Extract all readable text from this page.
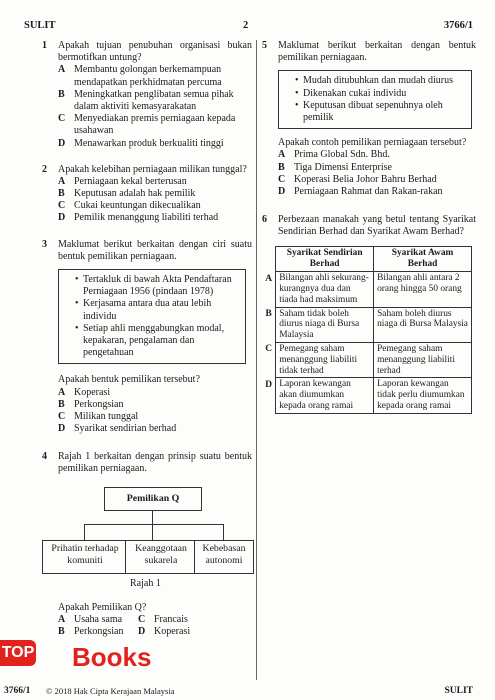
SULIT	2	3766/1
1 Apakah tujuan penubuhan organisasi bukan bermotifkan untung?
A Membantu golongan berkemampuan mendapatkan perkhidmatan percuma
B Meningkatkan penglibatan semua pihak dalam aktiviti kemasyarakatan
C Menyediakan premis perniagaan kepada usahawan
D Menawarkan produk berkualiti tinggi
2 Apakah kelebihan perniagaan milikan tunggal?
A Perniagaan kekal berterusan
B Keputusan adalah hak pemilik
C Cukai keuntungan dikecualikan
D Pemilik menanggung liabiliti terhad
3 Maklumat berikut berkaitan dengan ciri suatu bentuk pemilikan perniagaan.
• Tertakluk di bawah Akta Pendaftaran Perniagaan 1956 (pindaan 1978)
• Kerjasama antara dua atau lebih individu
• Setiap ahli menggabungkan modal, kepakaran, pengalaman dan pengetahuan
Apakah bentuk pemilikan tersebut?
A Koperasi
B Perkongsian
C Milikan tunggal
D Syarikat sendirian berhad
4 Rajah 1 berkaitan dengan prinsip suatu bentuk pemilikan perniagaan.
Pemilikan Q
Prihatin terhadap komuniti
Keanggotaan sukarela
Kebebasan autonomi
Rajah 1
Apakah Pemilikan Q?
A Usaha sama	C Francais
B Perkongsian	D Koperasi
5 Maklumat berikut berkaitan dengan bentuk pemilikan perniagaan.
• Mudah ditubuhkan dan mudah diurus
• Dikenakan cukai individu
• Keputusan dibuat sepenuhnya oleh pemilik
Apakah contoh pemilikan perniagaan tersebut?
A Prima Global Sdn. Bhd.
B Tiga Dimensi Enterprise
C Koperasi Belia Johor Bahru Berhad
D Perniagaan Rahmat dan Rakan-rakan
6 Perbezaan manakah yang betul tentang Syarikat Sendirian Berhad dan Syarikat Awam Berhad?
	Syarikat Sendirian Berhad	Syarikat Awam Berhad
A	Bilangan ahli sekurang-kurangnya dua dan tiada had maksimum	Bilangan ahli antara 2 orang hingga 50 orang
B	Saham tidak boleh diurus niaga di Bursa Malaysia	Saham boleh diurus niaga di Bursa Malaysia
C	Pemegang saham menanggung liabiliti tidak terhad	Pemegang saham menanggung liabiliti terhad
D	Laporan kewangan akan diumumkan kepada orang ramai	Laporan kewangan tidak perlu diumumkan kepada orang ramai
TOP Books
3766/1 © 2018 Hak Cipta Kerajaan Malaysia	SULIT
